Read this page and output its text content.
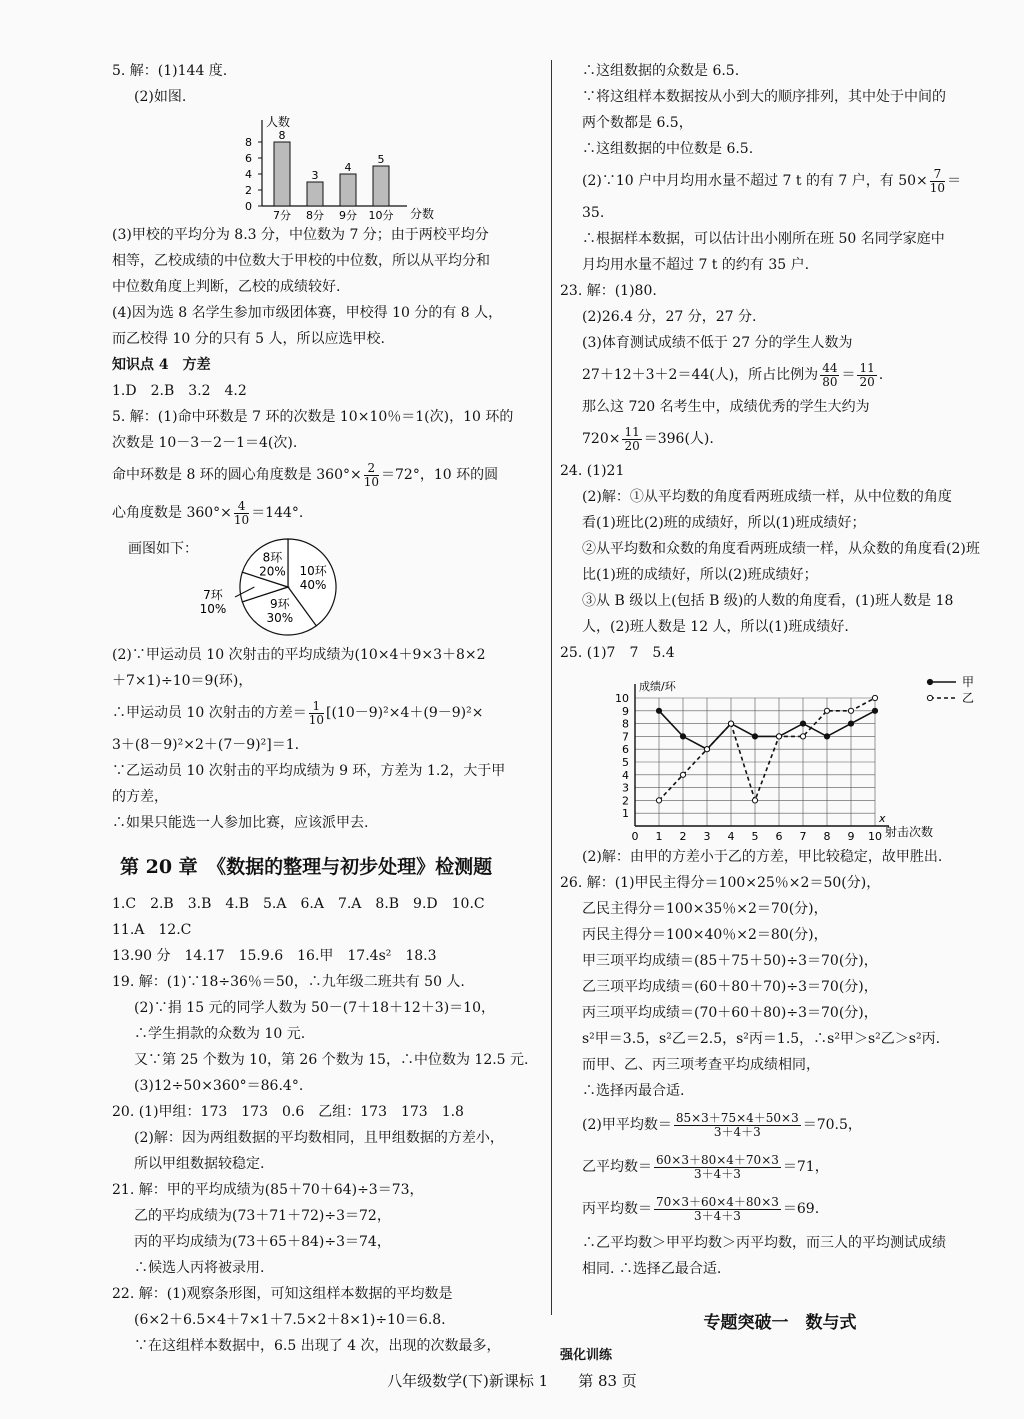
5. 解：(1)144 度.
(2)如图.
人数
分数
0
2
4
6
8
8
7分
3
8分
4
9分
5
10分
(3)甲校的平均分为 8.3 分，中位数为 7 分；由于两校平均分
相等，乙校成绩的中位数大于甲校的中位数，所以从平均分和
中位数角度上判断，乙校的成绩较好.
(4)因为选 8 名学生参加市级团体赛，甲校得 10 分的有 8 人，
而乙校得 10 分的只有 5 人，所以应选甲校.
知识点 4　方差
1.D　2.B　3.2　4.2
5. 解：(1)命中环数是 7 环的次数是 10×10％＝1(次)，10 环的
次数是 10－3－2－1＝4(次).
命中环数是 8 环的圆心角度数是 $360^\circ\times \frac{2}{10} =72^\circ$，10 环的圆
心角度数是 $360^\circ\times \frac{4}{10} =144^\circ$.
画图如下：
10环
40%
9环
30%
7环
10%
8环
20%
(2)∵甲运动员 10 次射击的平均成绩为(10×4＋9×3＋8×2
＋7×1)÷10＝9(环)，
∴甲运动员 10 次射击的方差＝ $\frac{1}{10} [(10-9)^2\times 4+(9-9)^2\times$
3＋(8－9)²×2＋(7－9)²]＝1.
∵乙运动员 10 次射击的平均成绩为 9 环，方差为 1.2，大于甲
的方差，
∴如果只能选一人参加比赛，应该派甲去.
第 20 章　《数据的整理与初步处理》检测题
1.C　2.B　3.B　4.B　5.A　6.A　7.A　8.B　9.D　10.C
11.A　12.C
13.90 分　14.17　15.9.6　16.甲　17.4s²　18.3
19. 解：(1)∵18÷36％＝50，∴九年级二班共有 50 人.
(2)∵捐 15 元的同学人数为 50－(7＋18＋12＋3)＝10，
∴学生捐款的众数为 10 元.
又∵第 25 个数为 10，第 26 个数为 15，∴中位数为 12.5 元.
(3)12÷50×360°＝86.4°.
20. (1)甲组：173　173　0.6　乙组：173　173　1.8
(2)解：因为两组数据的平均数相同，且甲组数据的方差小，
所以甲组数据较稳定.
21. 解：甲的平均成绩为(85＋70＋64)÷3＝73，
乙的平均成绩为(73＋71＋72)÷3＝72，
丙的平均成绩为(73＋65＋84)÷3＝74，
∴候选人丙将被录用.
22. 解：(1)观察条形图，可知这组样本数据的平均数是
(6×2＋6.5×4＋7×1＋7.5×2＋8×1)÷10＝6.8.
∵在这组样本数据中，6.5 出现了 4 次，出现的次数最多，
∴这组数据的众数是 6.5.
∵将这组样本数据按从小到大的顺序排列，其中处于中间的
两个数都是 6.5，
∴这组数据的中位数是 6.5.
(2)∵10 户中月均用水量不超过 7 t 的有 7 户，有 $50\times \frac{7}{10}$ ＝
35.
∴根据样本数据，可以估计出小刚所在班 50 名同学家庭中
月均用水量不超过 7 t 的约有 35 户.
23. 解：(1)80.
(2)26.4 分，27 分，27 分.
(3)体育测试成绩不低于 27 分的学生人数为
27＋12＋3＋2＝44(人)，所占比例为 $\frac{44}{80} = \frac{11}{20}$ .
那么这 720 名考生中，成绩优秀的学生大约为
$720\times \frac{11}{20} =396$(人).
24. (1)21
(2)解：①从平均数的角度看两班成绩一样，从中位数的角度
看(1)班比(2)班的成绩好，所以(1)班成绩好；
②从平均数和众数的角度看两班成绩一样，从众数的角度看(2)班
比(1)班的成绩好，所以(2)班成绩好；
③从 B 级以上(包括 B 级)的人数的角度看，(1)班人数是 18
人，(2)班人数是 12 人，所以(1)班成绩好.
25. (1)7　7　5.4
成绩/环
x
射击次数
1
2
3
4
5
6
7
8
9
10
0 1 2 3 4 5 6 7 8 9 10
甲
乙
(2)解：由甲的方差小于乙的方差，甲比较稳定，故甲胜出.
26. 解：(1)甲民主得分＝100×25％×2＝50(分)，
乙民主得分＝100×35％×2＝70(分)，
丙民主得分＝100×40％×2＝80(分)，
甲三项平均成绩＝(85＋75＋50)÷3＝70(分)，
乙三项平均成绩＝(60＋80＋70)÷3＝70(分)，
丙三项平均成绩＝(70＋60＋80)÷3＝70(分)，
s²甲＝3.5，s²乙＝2.5，s²丙＝1.5，∴s²甲＞s²乙＞s²丙.
而甲、乙、丙三项考查平均成绩相同，
∴选择丙最合适.
(2)甲平均数＝ $\frac{85\times 3+75\times 4+50\times 3}{3+4+3} =70.5$，
乙平均数＝ $\frac{60\times 3+80\times 4+70\times 3}{3+4+3} =71$，
丙平均数＝ $\frac{70\times 3+60\times 4+80\times 3}{3+4+3} =69$.
∴乙平均数＞甲平均数＞丙平均数，而三人的平均测试成绩
相同. ∴选择乙最合适.
专题突破一　数与式
强化训练
八年级数学(下)新课标 1　　第 83 页
